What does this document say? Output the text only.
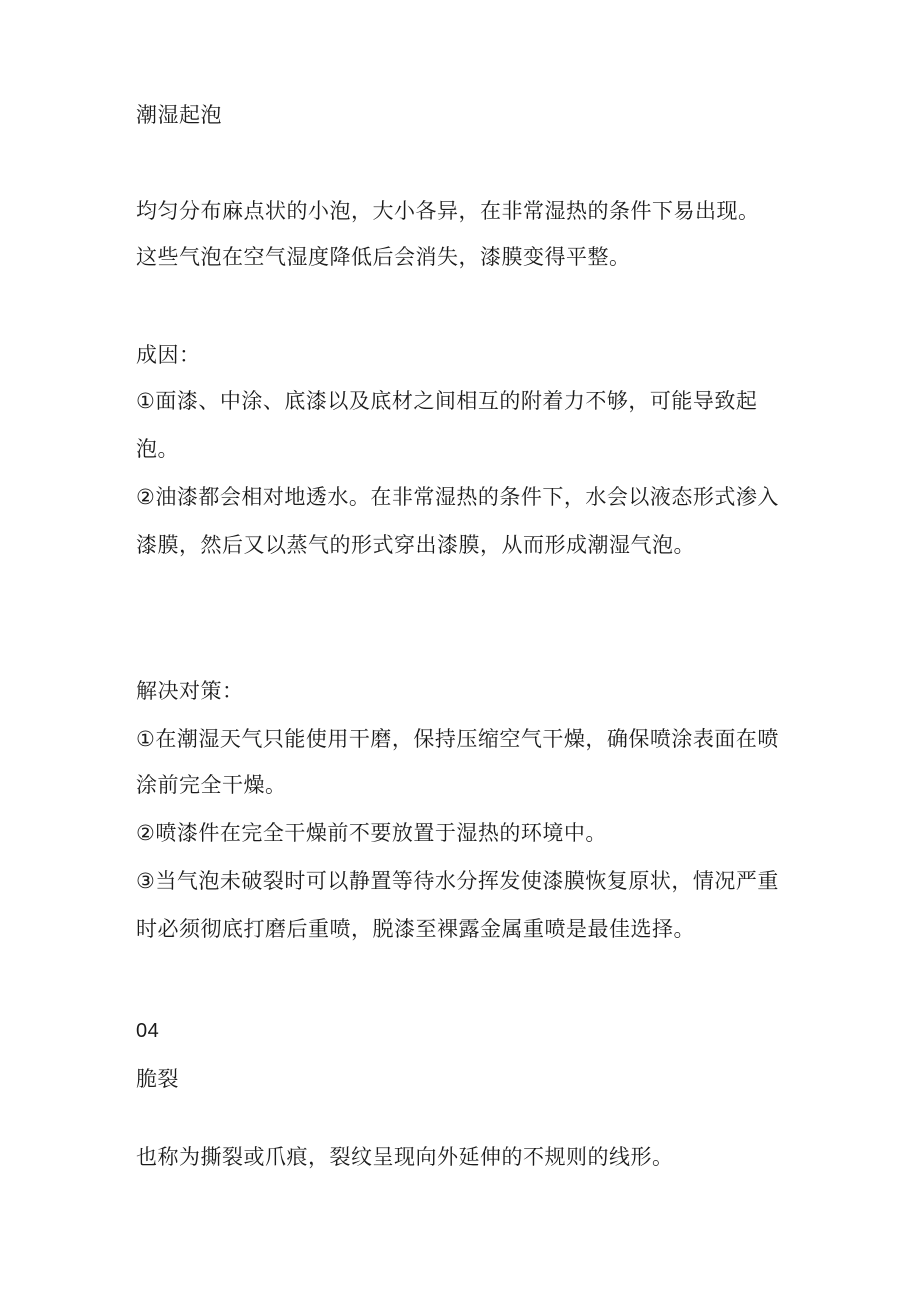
潮湿起泡
均匀分布麻点状的小泡，大小各异，在非常湿热的条件下易出现。
这些气泡在空气湿度降低后会消失，漆膜变得平整。
成因：
①面漆、中涂、底漆以及底材之间相互的附着力不够，可能导致起
泡。
②油漆都会相对地透水。在非常湿热的条件下，水会以液态形式渗入
漆膜，然后又以蒸气的形式穿出漆膜，从而形成潮湿气泡。
解决对策：
①在潮湿天气只能使用干磨，保持压缩空气干燥，确保喷涂表面在喷
涂前完全干燥。
②喷漆件在完全干燥前不要放置于湿热的环境中。
③当气泡未破裂时可以静置等待水分挥发使漆膜恢复原状，情况严重
时必须彻底打磨后重喷，脱漆至裸露金属重喷是最佳选择。
04
脆裂
也称为撕裂或爪痕，裂纹呈现向外延伸的不规则的线形。
